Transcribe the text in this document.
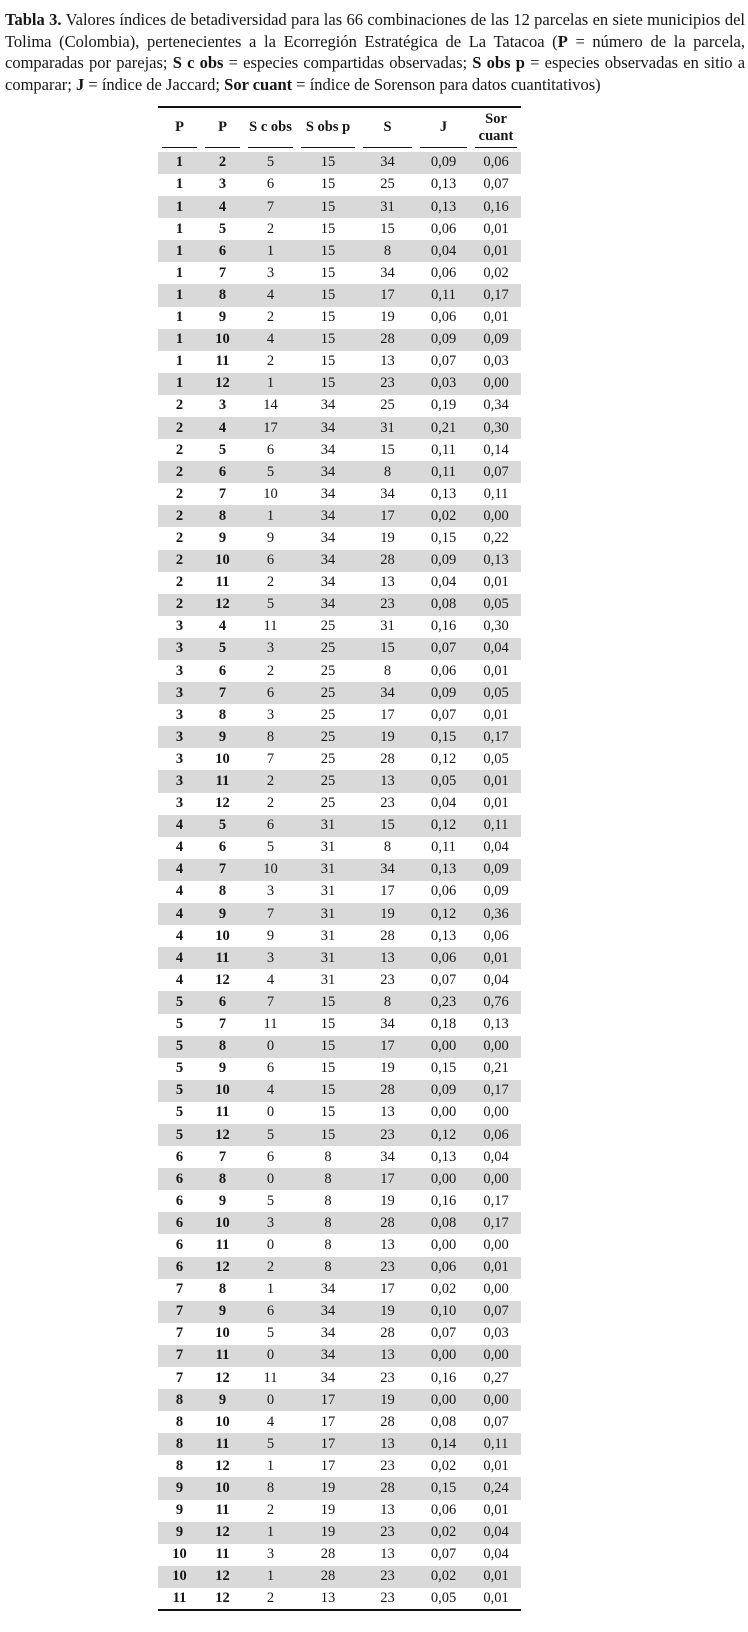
Tabla 3. Valores índices de betadiversidad para las 66 combinaciones de las 12 parcelas en siete municipios del Tolima (Colombia), pertenecientes a la Ecorregión Estratégica de La Tatacoa (P = número de la parcela, comparadas por parejas; S c obs = especies compartidas observadas; S obs p = especies observadas en sitio a comparar; J = índice de Jaccard; Sor cuant = índice de Sorenson para datos cuantitativos)

P	P	S c obs	S obs p	S	J	Sor cuant
1	2	5	15	34	0,09	0,06
1	3	6	15	25	0,13	0,07
1	4	7	15	31	0,13	0,16
1	5	2	15	15	0,06	0,01
1	6	1	15	8	0,04	0,01
1	7	3	15	34	0,06	0,02
1	8	4	15	17	0,11	0,17
1	9	2	15	19	0,06	0,01
1	10	4	15	28	0,09	0,09
1	11	2	15	13	0,07	0,03
1	12	1	15	23	0,03	0,00
2	3	14	34	25	0,19	0,34
2	4	17	34	31	0,21	0,30
2	5	6	34	15	0,11	0,14
2	6	5	34	8	0,11	0,07
2	7	10	34	34	0,13	0,11
2	8	1	34	17	0,02	0,00
2	9	9	34	19	0,15	0,22
2	10	6	34	28	0,09	0,13
2	11	2	34	13	0,04	0,01
2	12	5	34	23	0,08	0,05
3	4	11	25	31	0,16	0,30
3	5	3	25	15	0,07	0,04
3	6	2	25	8	0,06	0,01
3	7	6	25	34	0,09	0,05
3	8	3	25	17	0,07	0,01
3	9	8	25	19	0,15	0,17
3	10	7	25	28	0,12	0,05
3	11	2	25	13	0,05	0,01
3	12	2	25	23	0,04	0,01
4	5	6	31	15	0,12	0,11
4	6	5	31	8	0,11	0,04
4	7	10	31	34	0,13	0,09
4	8	3	31	17	0,06	0,09
4	9	7	31	19	0,12	0,36
4	10	9	31	28	0,13	0,06
4	11	3	31	13	0,06	0,01
4	12	4	31	23	0,07	0,04
5	6	7	15	8	0,23	0,76
5	7	11	15	34	0,18	0,13
5	8	0	15	17	0,00	0,00
5	9	6	15	19	0,15	0,21
5	10	4	15	28	0,09	0,17
5	11	0	15	13	0,00	0,00
5	12	5	15	23	0,12	0,06
6	7	6	8	34	0,13	0,04
6	8	0	8	17	0,00	0,00
6	9	5	8	19	0,16	0,17
6	10	3	8	28	0,08	0,17
6	11	0	8	13	0,00	0,00
6	12	2	8	23	0,06	0,01
7	8	1	34	17	0,02	0,00
7	9	6	34	19	0,10	0,07
7	10	5	34	28	0,07	0,03
7	11	0	34	13	0,00	0,00
7	12	11	34	23	0,16	0,27
8	9	0	17	19	0,00	0,00
8	10	4	17	28	0,08	0,07
8	11	5	17	13	0,14	0,11
8	12	1	17	23	0,02	0,01
9	10	8	19	28	0,15	0,24
9	11	2	19	13	0,06	0,01
9	12	1	19	23	0,02	0,04
10	11	3	28	13	0,07	0,04
10	12	1	28	23	0,02	0,01
11	12	2	13	23	0,05	0,01
